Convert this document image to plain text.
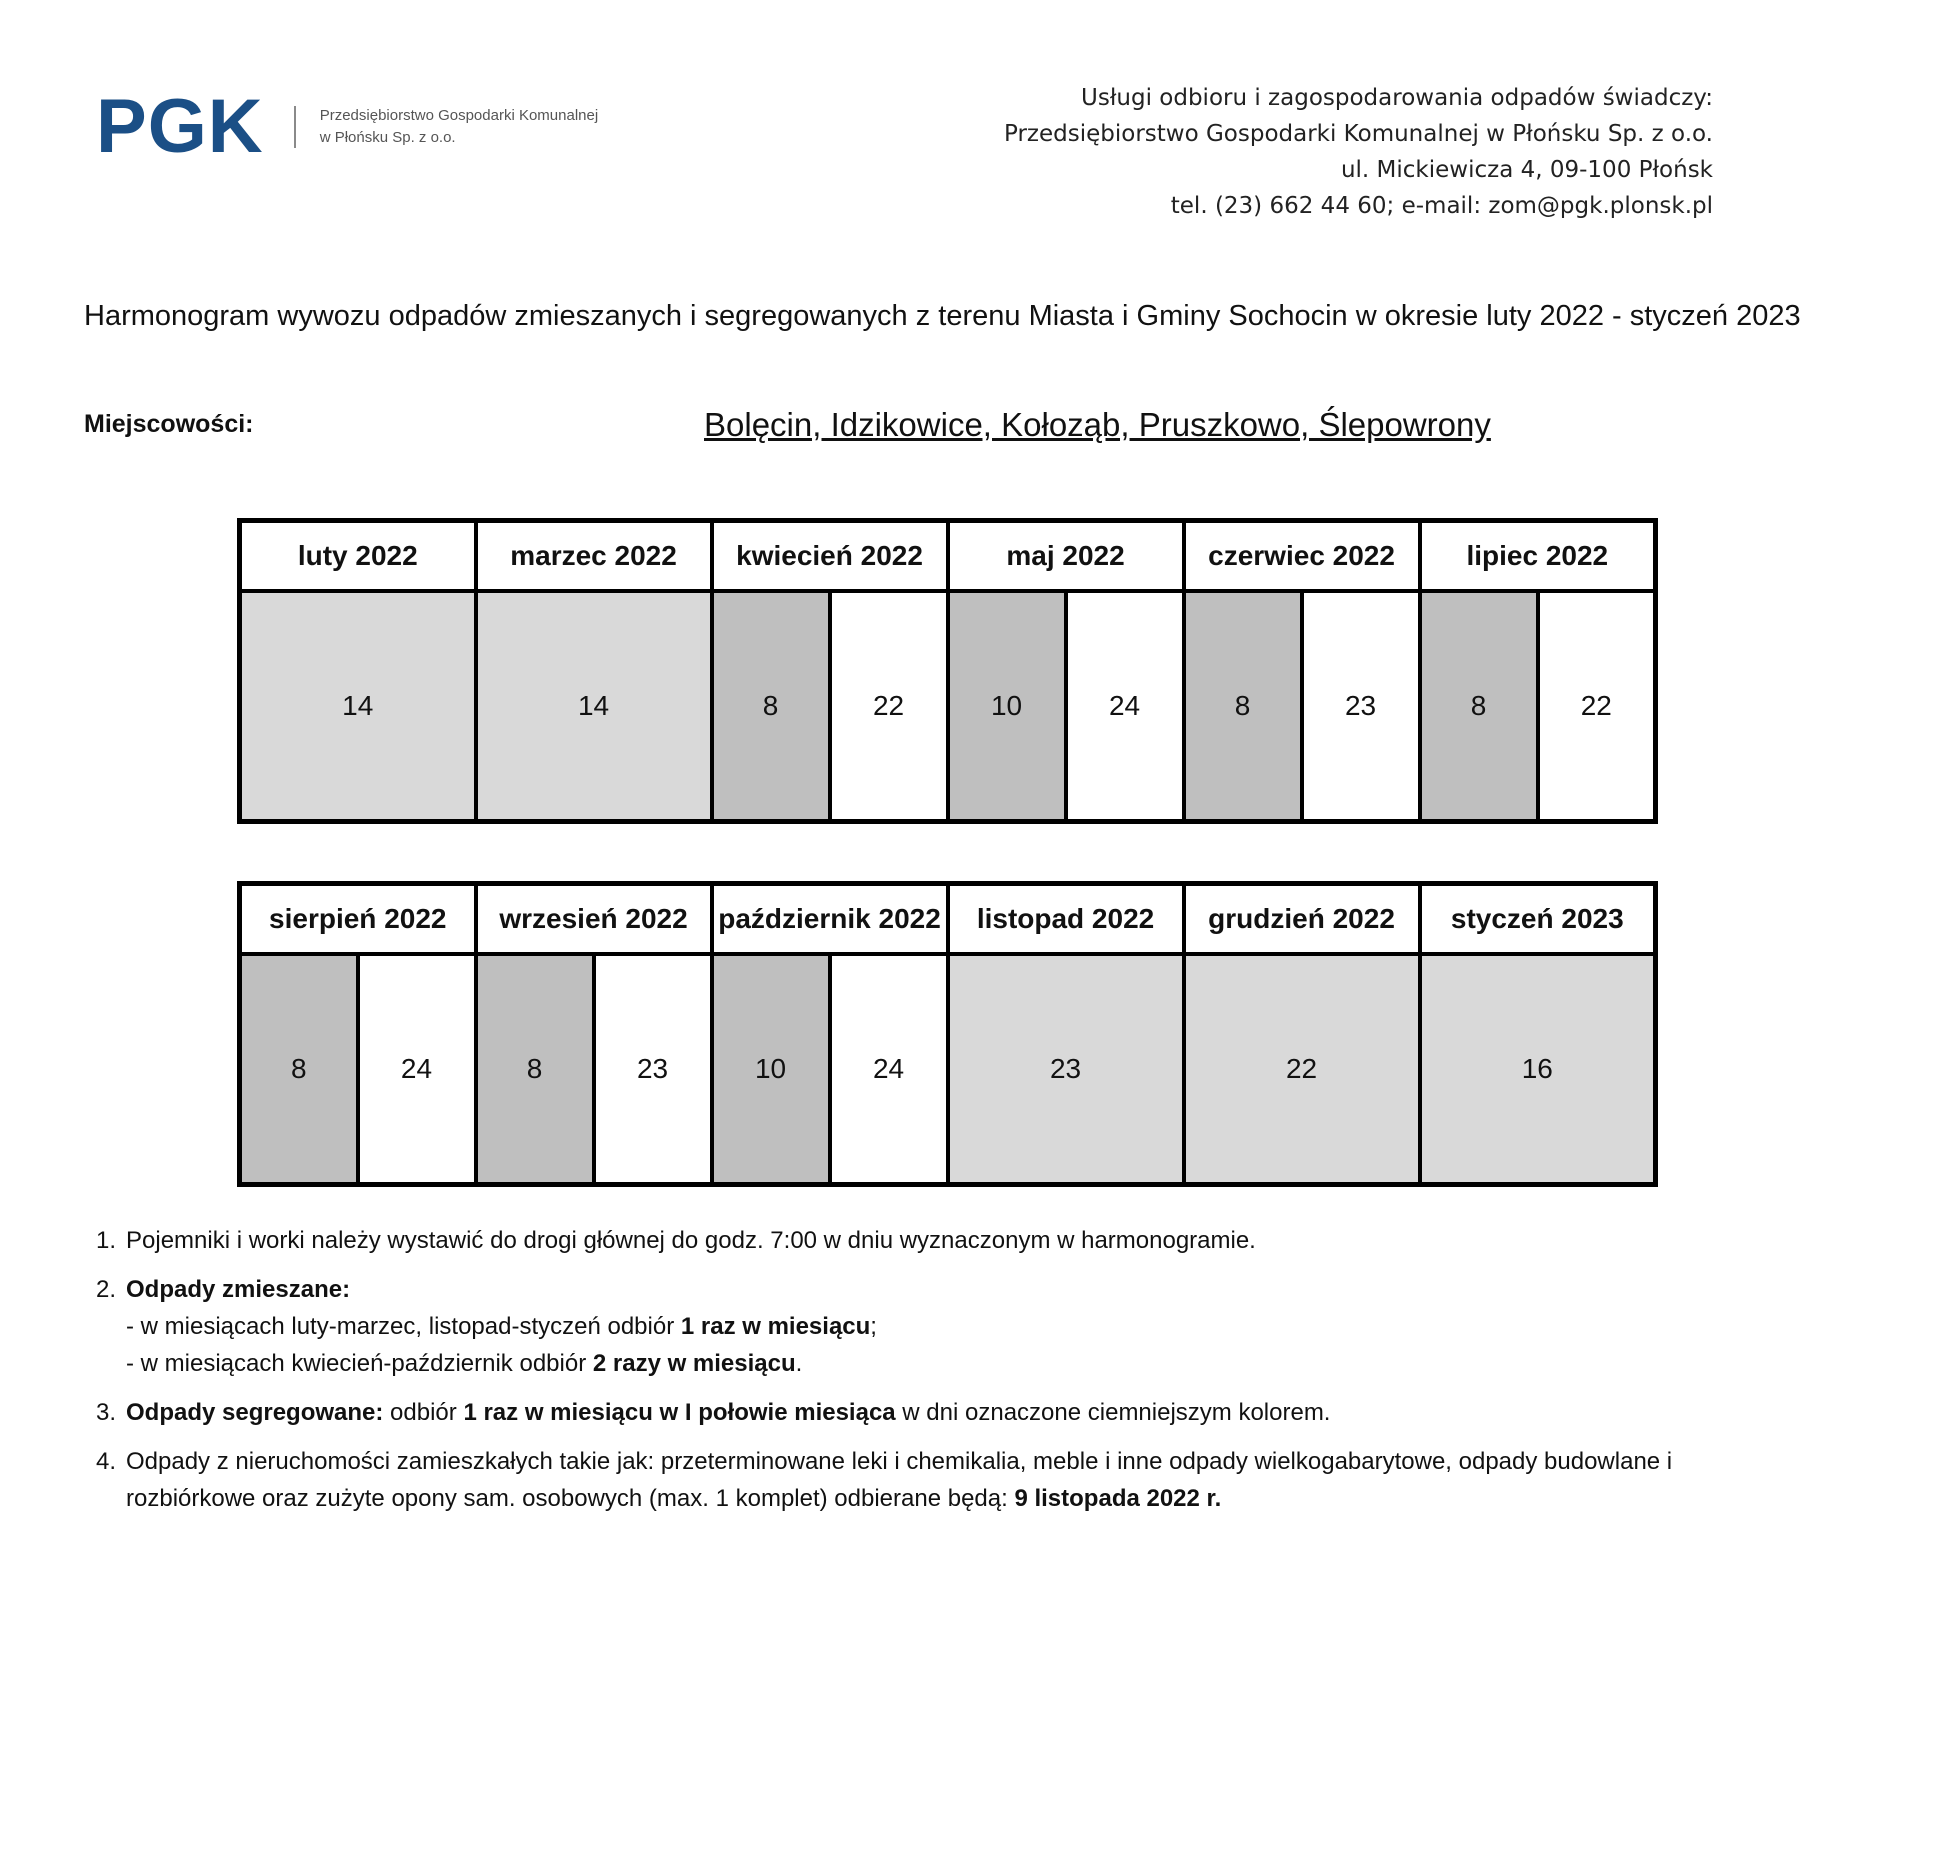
PGK	Przedsiębiorstwo Gospodarki Komunalnej
w Płońsku Sp. z o.o.
Usługi odbioru i zagospodarowania odpadów świadczy:
Przedsiębiorstwo Gospodarki Komunalnej w Płońsku Sp. z o.o.
ul. Mickiewicza 4, 09-100 Płońsk
tel. (23) 662 44 60; e-mail: zom@pgk.plonsk.pl
Harmonogram wywozu odpadów zmieszanych i segregowanych z terenu Miasta i Gminy Sochocin w okresie luty 2022 - styczeń 2023
Miejscowości:	Bolęcin, Idzikowice, Kołoząb, Pruszkowo, Ślepowrony
luty 2022	marzec 2022	kwiecień 2022		maj 2022		czerwiec 2022		lipiec 2022	
14	14	8	22	10	24	8	23	8	22
sierpień 2022		wrzesień 2022		październik 2022		listopad 2022	grudzień 2022	styczeń 2023
8	24	8	23	10	24	23	22	16
1. Pojemniki i worki należy wystawić do drogi głównej do godz. 7:00 w dniu wyznaczonym w harmonogramie.
2. Odpady zmieszane:
- w miesiącach luty-marzec, listopad-styczeń odbiór 1 raz w miesiącu;
- w miesiącach kwiecień-październik odbiór 2 razy w miesiącu.
3. Odpady segregowane: odbiór 1 raz w miesiącu w I połowie miesiąca w dni oznaczone ciemniejszym kolorem.
4. Odpady z nieruchomości zamieszkałych takie jak: przeterminowane leki i chemikalia, meble i inne odpady wielkogabarytowe, odpady budowlane i rozbiórkowe oraz zużyte opony sam. osobowych (max. 1 komplet) odbierane będą: 9 listopada 2022 r.
